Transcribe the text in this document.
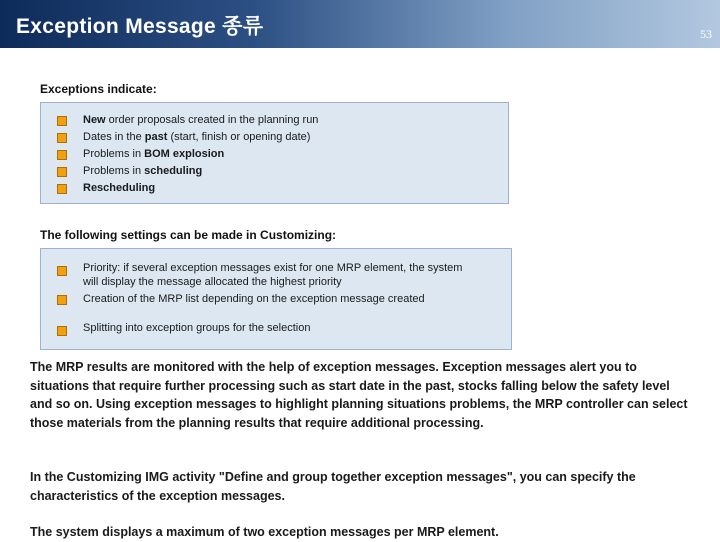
Exception Message 종류	53
Exceptions indicate:
New order proposals created in the planning run
Dates in the past (start, finish or opening date)
Problems in BOM explosion
Problems in scheduling
Rescheduling
The following settings can be made in Customizing:
Priority: if several exception messages exist for one MRP element, the system
will display the message allocated the highest priority
Creation of the MRP list depending on the exception message created
Splitting into exception groups for the selection
The MRP results are monitored with the help of exception messages. Exception messages alert you to situations that require further processing such as start date in the past, stocks falling below the safety level and so on. Using exception messages to highlight planning situations problems, the MRP controller can select those materials from the planning results that require additional processing.
In the Customizing IMG activity "Define and group together exception messages", you can specify the characteristics of the exception messages.
The system displays a maximum of two exception messages per MRP element.
